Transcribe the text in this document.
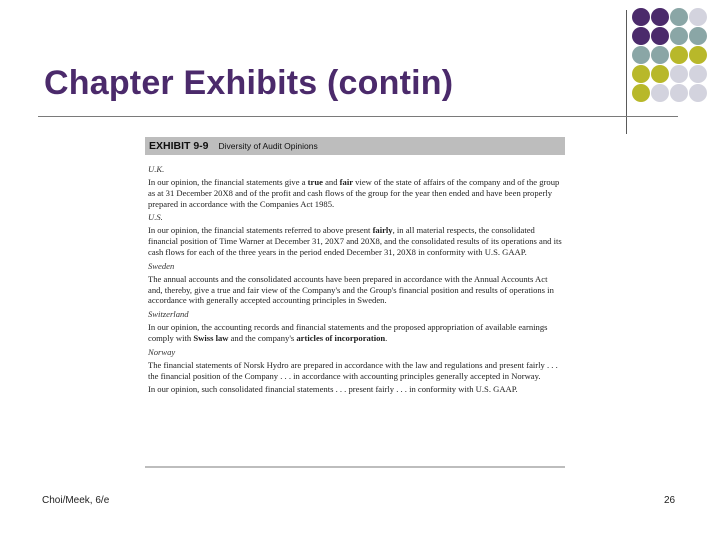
Chapter Exhibits (contin)
EXHIBIT 9-9 Diversity of Audit Opinions
U.K.
In our opinion, the financial statements give a true and fair view of the state of affairs of the company and of the group as at 31 December 20X8 and of the profit and cash flows of the group for the year then ended and have been properly prepared in accordance with the Companies Act 1985.
U.S.
In our opinion, the financial statements referred to above present fairly, in all material respects, the consolidated financial position of Time Warner at December 31, 20X7 and 20X8, and the consolidated results of its operations and its cash flows for each of the three years in the period ended December 31, 20X8 in conformity with U.S. GAAP.
Sweden
The annual accounts and the consolidated accounts have been prepared in accordance with the Annual Accounts Act and, thereby, give a true and fair view of the Company's and the Group's financial position and results of operations in accordance with generally accepted accounting principles in Sweden.
Switzerland
In our opinion, the accounting records and financial statements and the proposed appropriation of available earnings comply with Swiss law and the company's articles of incorporation.
Norway
The financial statements of Norsk Hydro are prepared in accordance with the law and regulations and present fairly . . . the financial position of the Company . . . in accordance with accounting principles generally accepted in Norway.
In our opinion, such consolidated financial statements . . . present fairly . . . in conformity with U.S. GAAP.
Choi/Meek, 6/e	26
